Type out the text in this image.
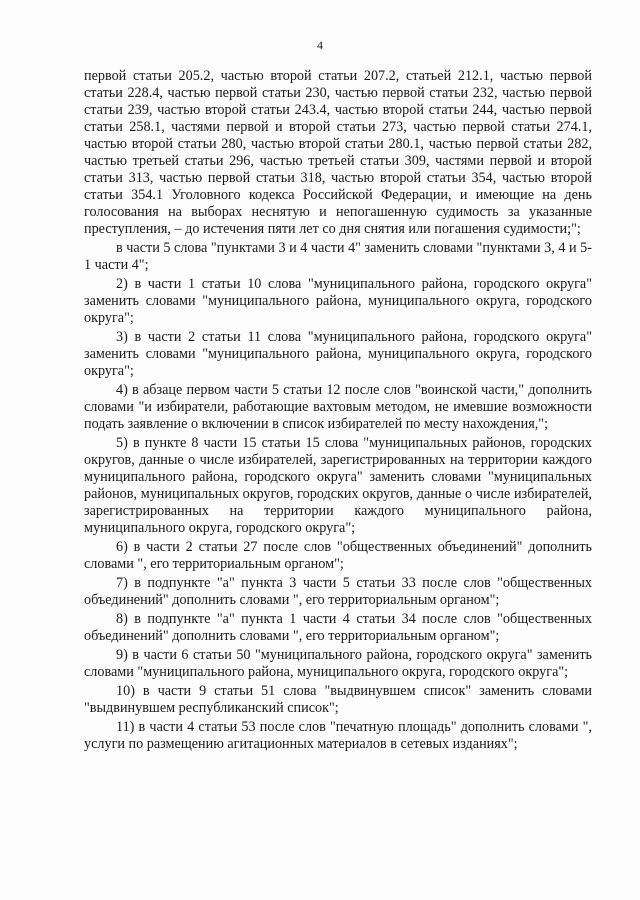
4

первой статьи 205.2, частью второй статьи 207.2, статьей 212.1, частью первой статьи 228.4, частью первой статьи 230, частью первой статьи 232, частью первой статьи 239, частью второй статьи 243.4, частью второй статьи 244, частью первой статьи 258.1, частями первой и второй статьи 273, частью первой статьи 274.1, частью второй статьи 280, частью второй статьи 280.1, частью первой статьи 282, частью третьей статьи 296, частью третьей статьи 309, частями первой и второй статьи 313, частью первой статьи 318, частью второй статьи 354, частью второй статьи 354.1 Уголовного кодекса Российской Федерации, и имеющие на день голосования на выборах неснятую и непогашенную судимость за указанные преступления, – до истечения пяти лет со дня снятия или погашения судимости;";

в части 5 слова "пунктами 3 и 4 части 4" заменить словами "пунктами 3, 4 и 5-1 части 4";

2) в части 1 статьи 10 слова "муниципального района, городского округа" заменить словами "муниципального района, муниципального округа, городского округа";

3) в части 2 статьи 11 слова "муниципального района, городского округа" заменить словами "муниципального района, муниципального округа, городского округа";

4) в абзаце первом части 5 статьи 12 после слов "воинской части," дополнить словами "и избиратели, работающие вахтовым методом, не имевшие возможности подать заявление о включении в список избирателей по месту нахождения,";

5) в пункте 8 части 15 статьи 15 слова "муниципальных районов, городских округов, данные о числе избирателей, зарегистрированных на территории каждого муниципального района, городского округа" заменить словами "муниципальных районов, муниципальных округов, городских округов, данные о числе избирателей, зарегистрированных на территории каждого муниципального района, муниципального округа, городского округа";

6) в части 2 статьи 27 после слов "общественных объединений" дополнить словами ", его территориальным органом";

7) в подпункте "а" пункта 3 части 5 статьи 33 после слов "общественных объединений" дополнить словами ", его территориальным органом";

8) в подпункте "а" пункта 1 части 4 статьи 34 после слов "общественных объединений" дополнить словами ", его территориальным органом";

9) в части 6 статьи 50 "муниципального района, городского округа" заменить словами "муниципального района, муниципального округа, городского округа";

10) в части 9 статьи 51 слова "выдвинувшем список" заменить словами "выдвинувшем республиканский список";

11) в части 4 статьи 53 после слов "печатную площадь" дополнить словами ", услуги по размещению агитационных материалов в сетевых изданиях";
